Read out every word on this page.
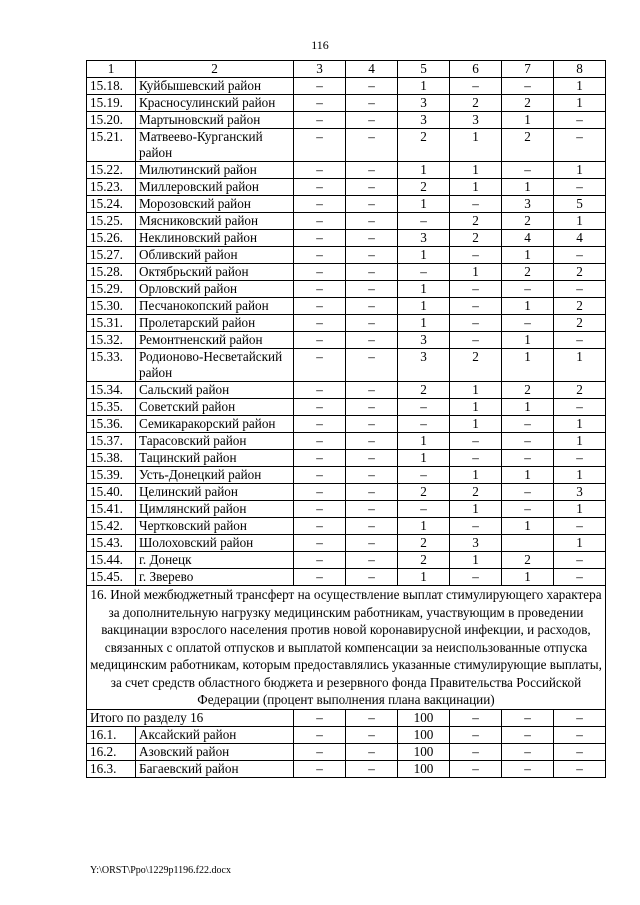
116
1	2	3	4	5	6	7	8
15.18.	Куйбышевский район	–	–	1	–	–	1
15.19.	Красносулинский район	–	–	3	2	2	1
15.20.	Мартыновский район	–	–	3	3	1	–
15.21.	Матвеево-Курганский район	–	–	2	1	2	–
15.22.	Милютинский район	–	–	1	1	–	1
15.23.	Миллеровский район	–	–	2	1	1	–
15.24.	Морозовский район	–	–	1	–	3	5
15.25.	Мясниковский район	–	–	–	2	2	1
15.26.	Неклиновский район	–	–	3	2	4	4
15.27.	Обливский район	–	–	1	–	1	–
15.28.	Октябрьский район	–	–	–	1	2	2
15.29.	Орловский район	–	–	1	–	–	–
15.30.	Песчанокопский район	–	–	1	–	1	2
15.31.	Пролетарский район	–	–	1	–	–	2
15.32.	Ремонтненский район	–	–	3	–	1	–
15.33.	Родионово-Несветайский район	–	–	3	2	1	1
15.34.	Сальский район	–	–	2	1	2	2
15.35.	Советский район	–	–	–	1	1	–
15.36.	Семикаракорский район	–	–	–	1	–	1
15.37.	Тарасовский район	–	–	1	–	–	1
15.38.	Тацинский район	–	–	1	–	–	–
15.39.	Усть-Донецкий район	–	–	–	1	1	1
15.40.	Целинский район	–	–	2	2	–	3
15.41.	Цимлянский район	–	–	–	1	–	1
15.42.	Чертковский район	–	–	1	–	1	–
15.43.	Шолоховский район	–	–	2	3		1
15.44.	г. Донецк	–	–	2	1	2	–
15.45.	г. Зверево	–	–	1	–	1	–
16. Иной межбюджетный трансферт на осуществление выплат стимулирующего характера за дополнительную нагрузку медицинским работникам, участвующим в проведении вакцинации взрослого населения против новой коронавирусной инфекции, и расходов, связанных с оплатой отпусков и выплатой компенсации за неиспользованные отпуска медицинским работникам, которым предоставлялись указанные стимулирующие выплаты, за счет средств областного бюджета и резервного фонда Правительства Российской Федерации (процент выполнения плана вакцинации)							
Итого по разделу 16		–	–	100	–	–	–
16.1.	Аксайский район	–	–	100	–	–	–
16.2.	Азовский район	–	–	100	–	–	–
16.3.	Багаевский район	–	–	100	–	–	–
Y:\ORST\Ppo\1229p1196.f22.docx
